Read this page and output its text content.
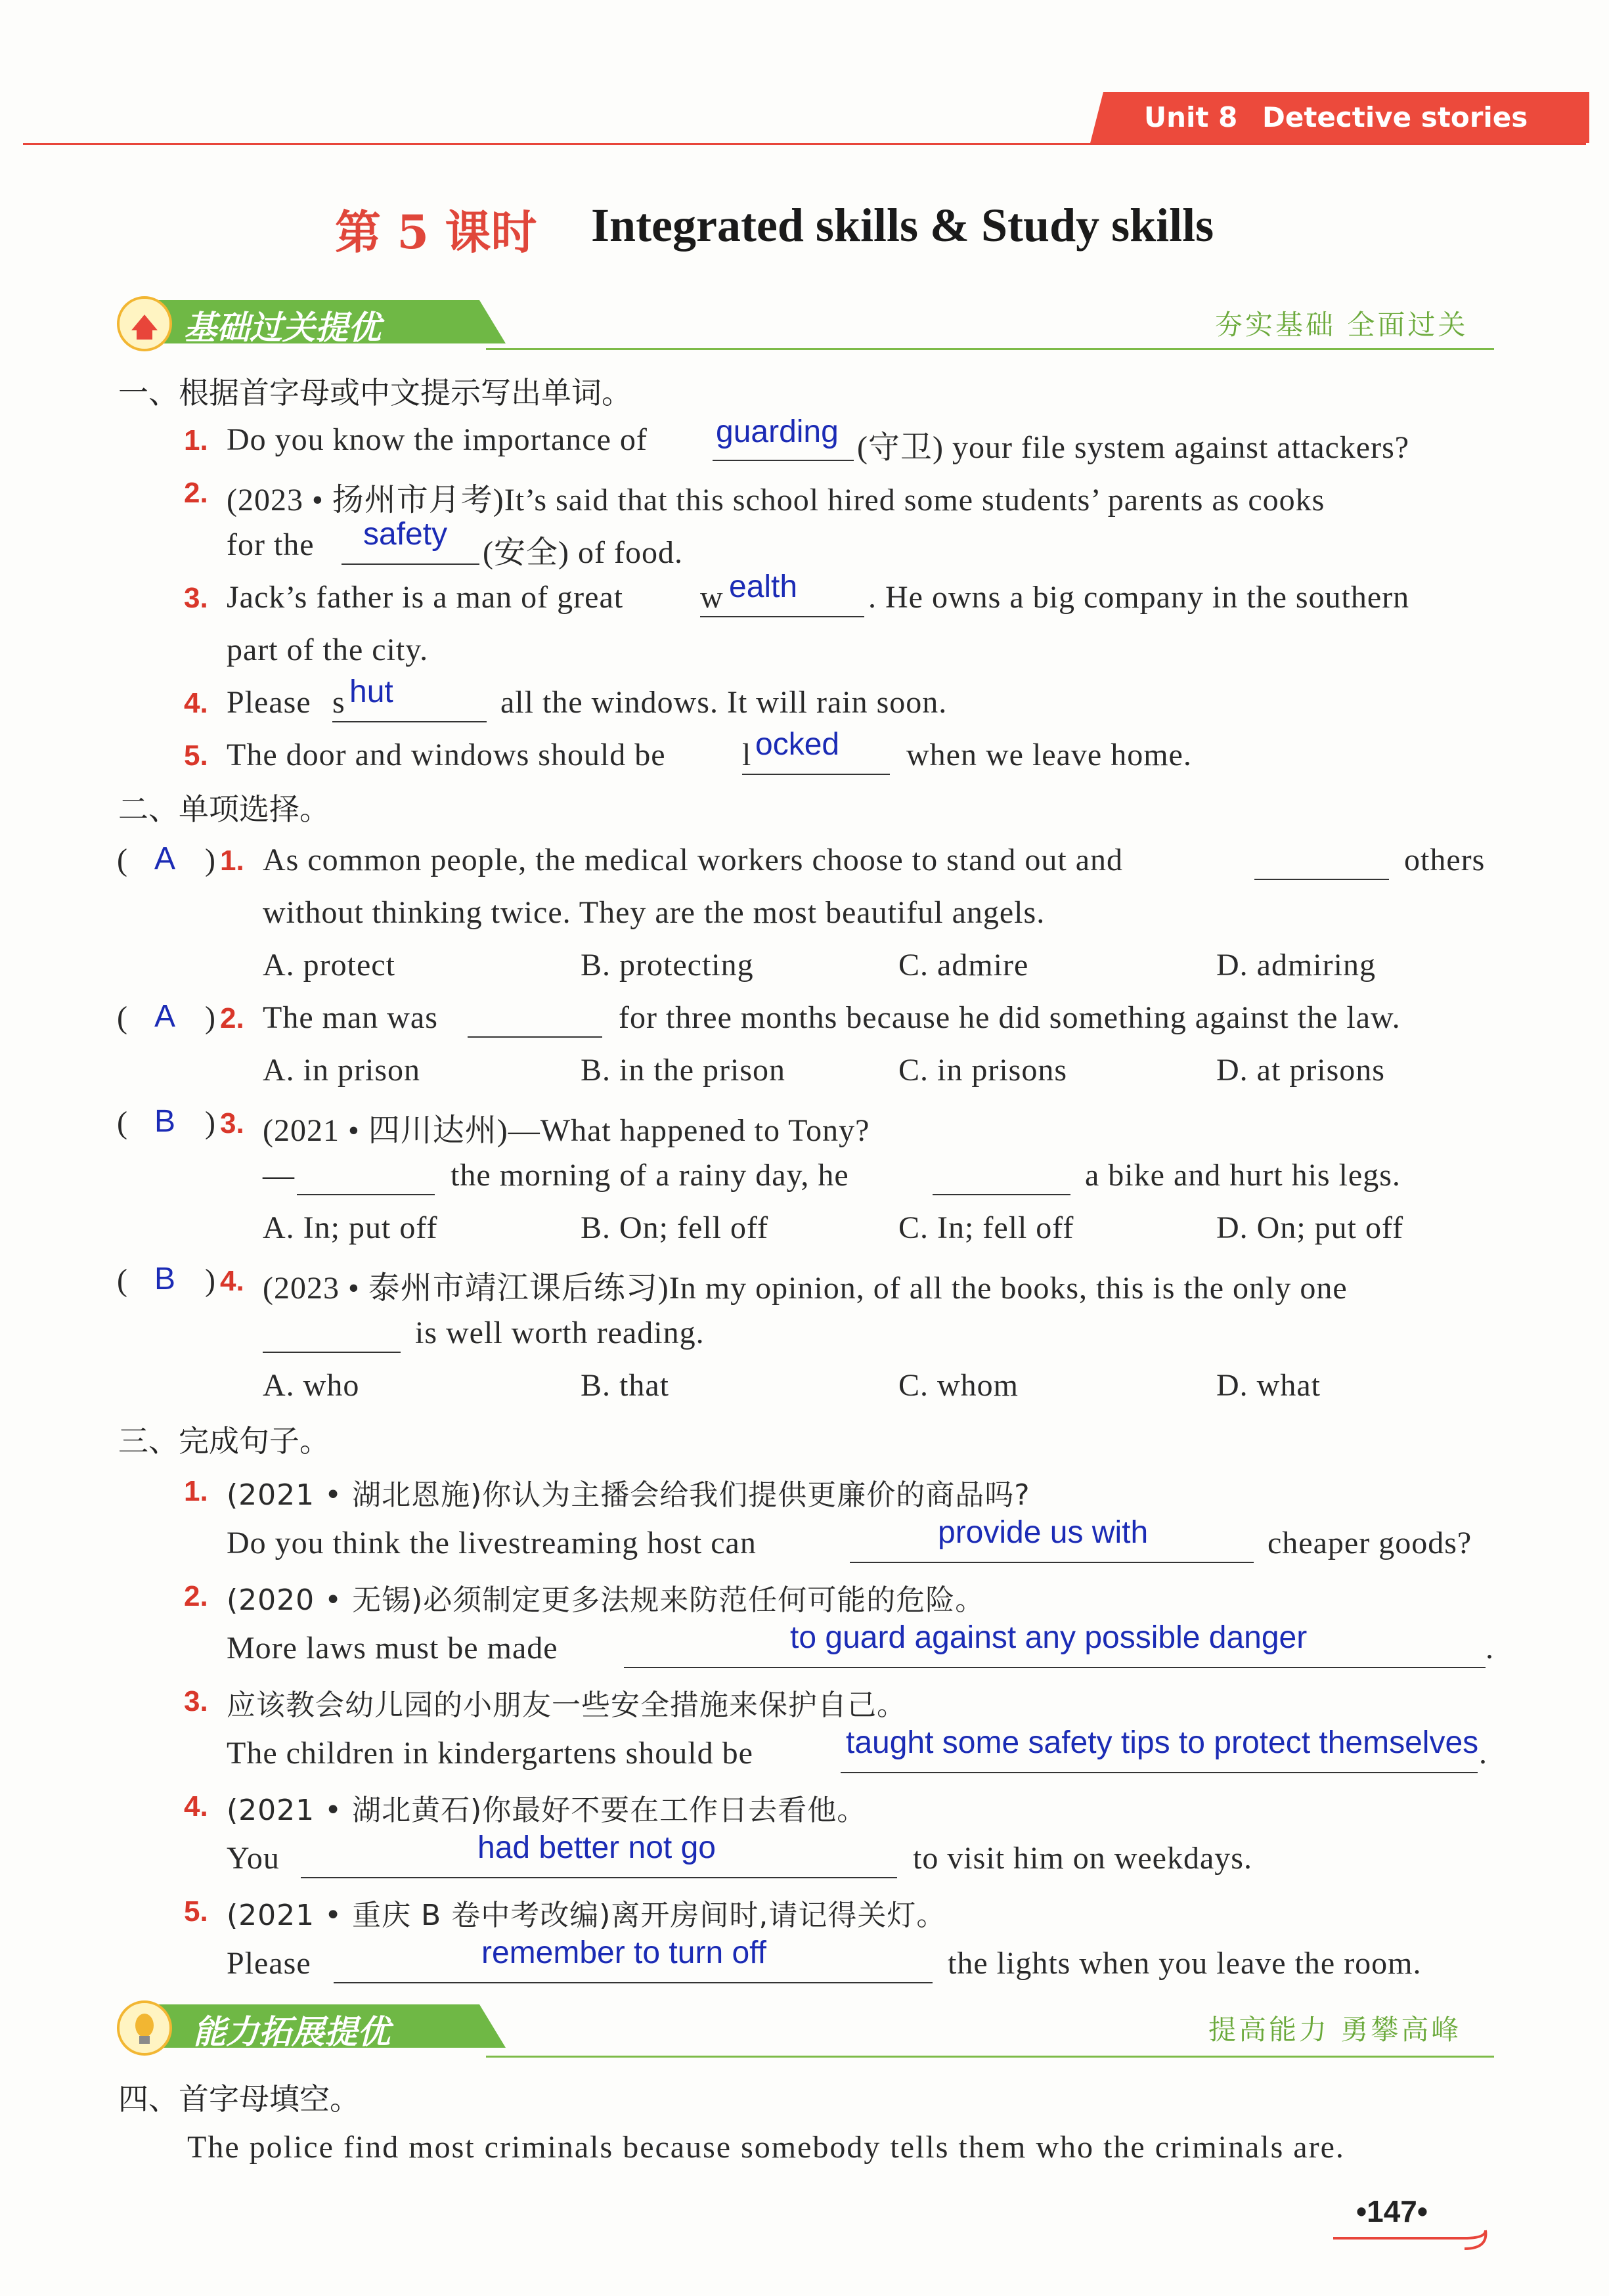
Unit 8 Detective stories
第 5 课时 Integrated skills & Study skills
基础过关提优	夯实基础 全面过关
一、根据首字母或中文提示写出单词。
1. Do you know the importance of guarding (守卫) your file system against attackers?
2. (2023 • 扬州市月考)It’s said that this school hired some students’ parents as cooks
for the safety
(安全) of food.
3. Jack’s father is a man of great w ealth . He owns a big company in the southern
part of the city.
4. Please s hut	all the windows. It will rain soon.
5. The door and windows should be l ocked when we leave home.
二、单项选择。
( A ) 1. As common people, the medical workers choose to stand out and	others
without thinking twice. They are the most beautiful angels.
A. protect	B. protecting	C. admire	D. admiring
( A ) 2. The man was	for three months because he did something against the law.
A. in prison	B. in the prison	C. in prisons	D. at prisons
( B ) 3. (2021 • 四川达州)—What happened to Tony?
—	the morning of a rainy day, he	a bike and hurt his legs.
A. In; put off	B. On; fell off	C. In; fell off	D. On; put off
( B ) 4. (2023 • 泰州市靖江课后练习)In my opinion, of all the books, this is the only one
is well worth reading.
A. who	B. that	C. whom	D. what
三、完成句子。
1. (2021 • 湖北恩施)你认为主播会给我们提供更廉价的商品吗?
Do you think the livestreaming host can	provide us with	cheaper goods?
2. (2020 • 无锡)必须制定更多法规来防范任何可能的危险。
More laws must be made	to guard against any possible danger	.
3. 应该教会幼儿园的小朋友一些安全措施来保护自己。
The children in kindergartens should be	taught some safety tips to protect themselves .
4. (2021 • 湖北黄石)你最好不要在工作日去看他。
You	had better not go	to visit him on weekdays.
5. (2021 • 重庆 B 卷中考改编)离开房间时,请记得关灯。
Please	remember to turn off	the lights when you leave the room.
能力拓展提优	提高能力 勇攀高峰
四、首字母填空。
The police find most criminals because somebody tells them who the criminals are.
•147•
